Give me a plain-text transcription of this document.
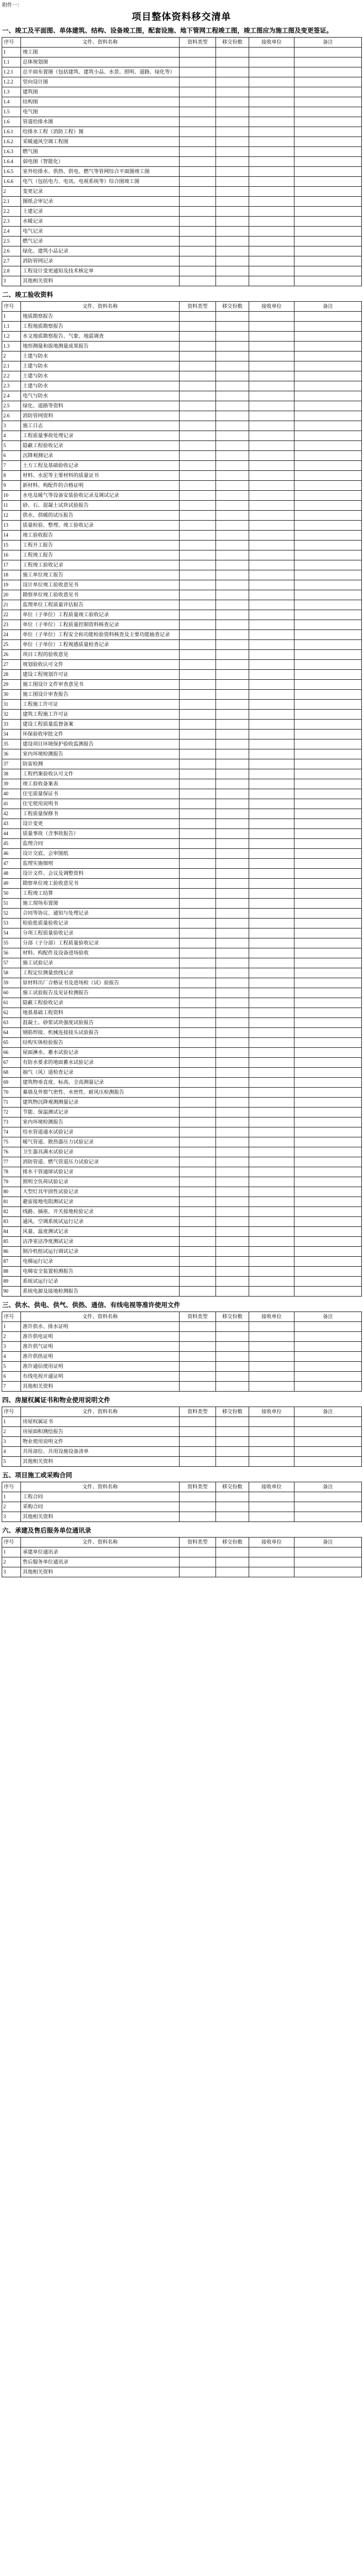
附件一：
项目整体资料移交清单
一、竣工及平面图、单体建筑、结构、设备竣工图，配套设施、地下管网工程竣工图，竣工图应为施工图及变更签证。
序号	文件、资料名称	资料类型	移交份数	接收单位	备注
1	竣工图				
1.1	总体规划图				
1.2.1	总平面布置图（包括建筑、建筑小品、水景、照明、道路、绿化等）				
1.2.2	竖向设计图				
1.3	建筑图				
1.4	结构图				
1.5	电气图				
1.6	管道给排水图				
1.6.1	给排水工程（消防工程）图				
1.6.2	采暖通风空调工程图				
1.6.3	燃气图				
1.6.4	弱电图（智能化）				
1.6.5	室外给排水、供热、供电、燃气等管网综合平面图竣工图				
1.6.6	电气（包括电力、电讯、电视系统等）综合图竣工图				
2	变更记录				
2.1	图纸会审记录				
2.2	土建记录				
2.3	水暖记录				
2.4	电气记录				
2.5	燃气记录				
2.6	绿化、建筑小品记录				
2.7	消防管网记录				
2.8	工程设计变更通知及技术核定单				
3	其他相关资料				
二、竣工验收资料
序号	文件、资料名称	资料类型	移交份数	接收单位	备注
1	地质勘察报告				
1.1	工程地质勘察报告				
1.2	水文地质勘察报告、气象、地震调查				
1.3	地形测量和拔地测量成果报告				
2	土建与防水				
2.1	土建与防水				
2.2	土建与防水				
2.3	土建与防水				
2.4	电气与防水				
2.5	绿化、道路等资料				
2.6	消防管网资料				
3	施工日志				
4	工程质量事故处理记录				
5	隐蔽工程验收记录				
6	沉降观测记录				
7	土方工程及基础验收记录				
8	材料、水泥等主要材料的质量证书				
9	新材料、构配件的合格证明				
10	水电及暖气等设备安装验收记录及调试记录				
11	砂、石、混凝土试块试验报告				
12	供水、供暖的试压报告				
13	质量检验、整理、竣工验收记录				
14	竣工验收报告				
15	工程开工报告				
16	工程竣工报告				
17	工程竣工验收记录				
18	施工单位竣工报告				
19	设计单位竣工验收意见书				
20	勘察单位竣工验收意见书				
21	监理单位工程质量评估报告				
22	单位（子单位）工程质量竣工验收记录				
23	单位（子单位）工程质量控制资料核查记录				
24	单位（子单位）工程安全和功能检验资料核查及主要功能抽查记录				
25	单位（子单位）工程观感质量检查记录				
26	项目工程的验收意见				
27	规划验收认可文件				
28	建设工程规划许可证				
29	施工图设计文件审查意见书				
30	施工图设计审查报告				
31	工程施工许可证				
32	建筑工程施工许可证				
33	建设工程质量监督备案				
34	环保验收审批文件				
35	建设项目环境保护验收监测报告				
36	室内环境检测报告				
37	防雷检测				
38	工程档案验收认可文件				
39	竣工验收备案表				
40	住宅质量保证书				
41	住宅使用说明书				
42	工程质量保修书				
43	设计变更				
44	质量事故（含事故报告）				
45	监理合同				
46	设计交底、会审图纸				
47	监理实施细则				
48	设计文件、会议及调整资料				
49	勘察单位竣工验收意见书				
50	工程竣工结算				
51	施工现场布置图				
52	合同等协议、通知与处理记录				
53	检验批质量验收记录				
54	分项工程质量验收记录				
55	分部（子分部）工程质量验收记录				
56	材料、构配件及设备进场验收				
57	施工试验记录				
58	工程定位测量放线记录				
59	原材料出厂合格证书及进场检（试）验报告				
60	施工试验报告及见证检测报告				
61	隐蔽工程验收记录				
62	地基基础工程资料				
63	混凝土、砂浆试块强度试验报告				
64	钢筋焊接、机械连接接头试验报告				
65	结构实体检验报告				
66	屋面淋水、蓄水试验记录				
67	有防水要求的地面蓄水试验记录				
68	抽气（风）道检查记录				
69	建筑物垂直度、标高、全高测量记录				
70	幕墙及外窗气密性、水密性、耐风压检测报告				
71	建筑物沉降观测测量记录				
72	节能、保温测试记录				
73	室内环境检测报告				
74	给水管道通水试验记录				
75	暖气管道、散热器压力试验记录				
76	卫生器具满水试验记录				
77	消防管道、燃气管道压力试验记录				
78	排水干管通球试验记录				
79	照明全负荷试验记录				
80	大型灯具牢固性试验记录				
81	避雷接地电阻测试记录				
82	线路、插座、开关接地检验记录				
83	通风、空调系统试运行记录				
84	风量、温度测试记录				
85	洁净室洁净度测试记录				
86	制冷机组试运行调试记录				
87	电梯运行记录				
88	电梯安全装置检测报告				
89	系统试运行记录				
90	系统电源及接地检测报告				
三、供水、供电、供气、供热、通信、有线电视等准许使用文件
序号	文件、资料名称	资料类型	移交份数	接收单位	备注
1	准许供水、排水证明				
2	准许供电证明				
3	准许供气证明				
4	准许供热证明				
5	准许通信使用证明				
6	有线电视开通证明				
7	其他相关资料				
四、房屋权属证书和物业使用说明文件
序号	文件、资料名称	资料类型	移交份数	接收单位	备注
1	房屋权属证书				
2	房屋面积测绘报告				
3	物业使用说明文件				
4	共用部位、共用设施设备清单				
5	其他相关资料				
五、项目施工或采购合同
序号	文件、资料名称	资料类型	移交份数	接收单位	备注
1	工程合同				
2	采购合同				
3	其他相关资料				
六、承建及售后服务单位通讯录
序号	文件、资料名称	资料类型	移交份数	接收单位	备注
1	承建单位通讯录				
2	售后服务单位通讯录				
3	其他相关资料				
